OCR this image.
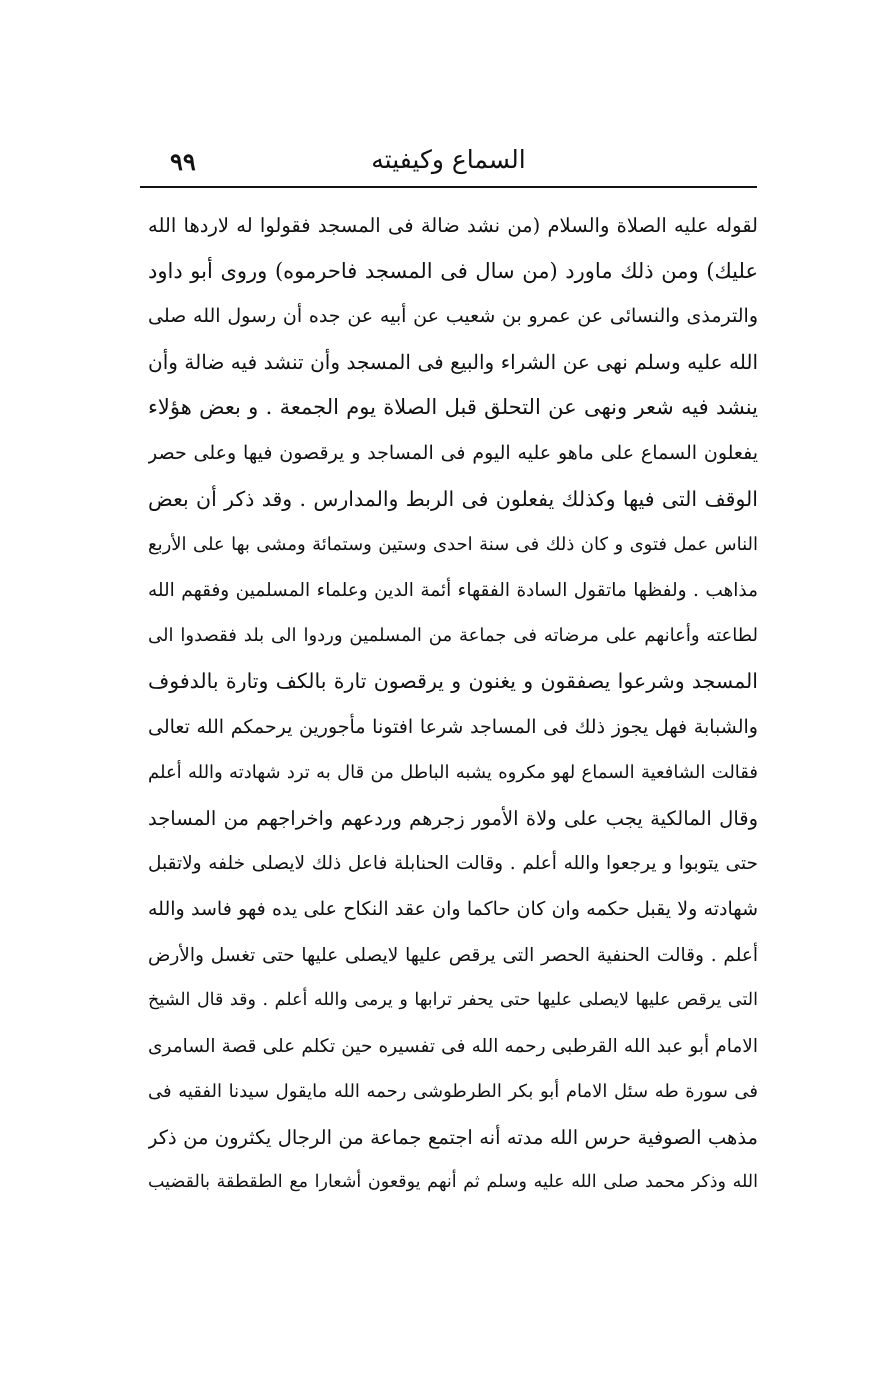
السماع وكيفيته
٩٩
لقوله عليه الصلاة والسلام (من نشد ضالة فى المسجد فقولوا له لاردها الله
عليك) ومن ذلك ماورد (من سال فى المسجد فاحرموه) وروى أبو داود
والترمذى والنسائى عن عمرو بن شعيب عن أبيه عن جده أن رسول الله صلى
الله عليه وسلم نهى عن الشراء والبيع فى المسجد وأن تنشد فيه ضالة وأن
ينشد فيه شعر ونهى عن التحلق قبل الصلاة يوم الجمعة . و بعض هؤلاء
يفعلون السماع على ماهو عليه اليوم فى المساجد و يرقصون فيها وعلى حصر
الوقف التى فيها وكذلك يفعلون فى الربط والمدارس . وقد ذكر أن بعض
الناس عمل فتوى و كان ذلك فى سنة احدى وستين وستمائة ومشى بها على الأربع
مذاهب . ولفظها ماتقول السادة الفقهاء أئمة الدين وعلماء المسلمين وفقهم الله
لطاعته وأعانهم على مرضاته فى جماعة من المسلمين وردوا الى بلد فقصدوا الى
المسجد وشرعوا يصفقون و يغنون و يرقصون تارة بالكف وتارة بالدفوف
والشبابة فهل يجوز ذلك فى المساجد شرعا افتونا مأجورين يرحمكم الله تعالى
فقالت الشافعية السماع لهو مكروه يشبه الباطل من قال به ترد شهادته والله أعلم
وقال المالكية يجب على ولاة الأمور زجرهم وردعهم واخراجهم من المساجد
حتى يتوبوا و يرجعوا والله أعلم . وقالت الحنابلة فاعل ذلك لايصلى خلفه ولاتقبل
شهادته ولا يقبل حكمه وان كان حاكما وان عقد النكاح على يده فهو فاسد والله
أعلم . وقالت الحنفية الحصر التى يرقص عليها لايصلى عليها حتى تغسل والأرض
التى يرقص عليها لايصلى عليها حتى يحفر ترابها و يرمى والله أعلم . وقد قال الشيخ
الامام أبو عبد الله القرطبى رحمه الله فى تفسيره حين تكلم على قصة السامرى
فى سورة طه سئل الامام أبو بكر الطرطوشى رحمه الله مايقول سيدنا الفقيه فى
مذهب الصوفية حرس الله مدته أنه اجتمع جماعة من الرجال يكثرون من ذكر
الله وذكر محمد صلى الله عليه وسلم ثم أنهم يوقعون أشعارا مع الطقطقة بالقضيب
